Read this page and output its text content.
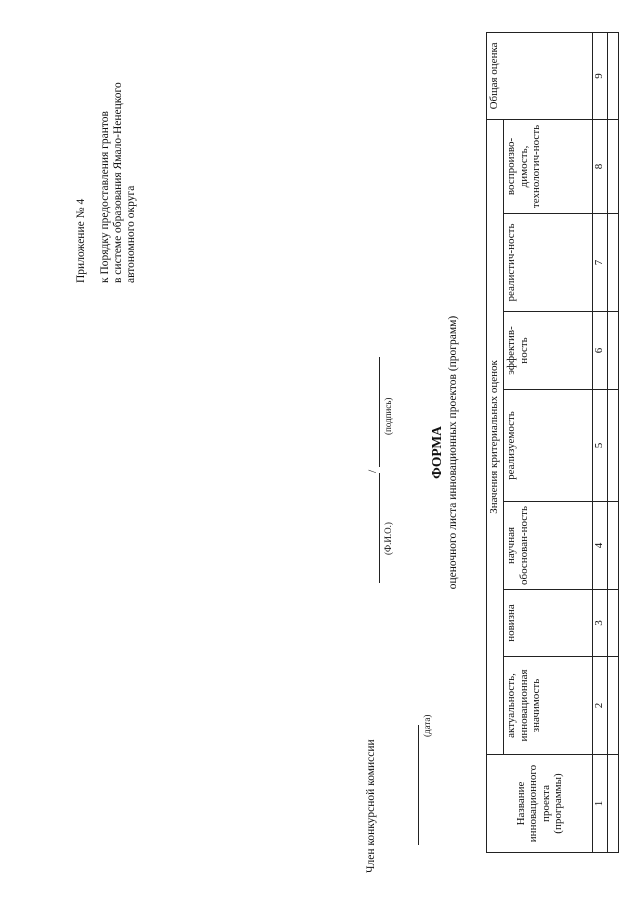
Приложение № 4 к Порядку предоставления грантов в системе образования Ямало-Ненецкого автономного округа
ФОРМА оценочного листа инновационных проектов (программ)
Название инновационного проекта (программы)	Значения критериальных оценок							Общая оценка
	актуальность, инновационная значимость	новизна	научная обоснован-ность	реализуемость	эффектив-ность	реалистич-ность	воспроизво-димость, технологич-ность	
1	2	3	4	5	6	7	8	9

Член конкурсной комиссии
(Ф.И.О.)
/
(подпись)
(дата)
